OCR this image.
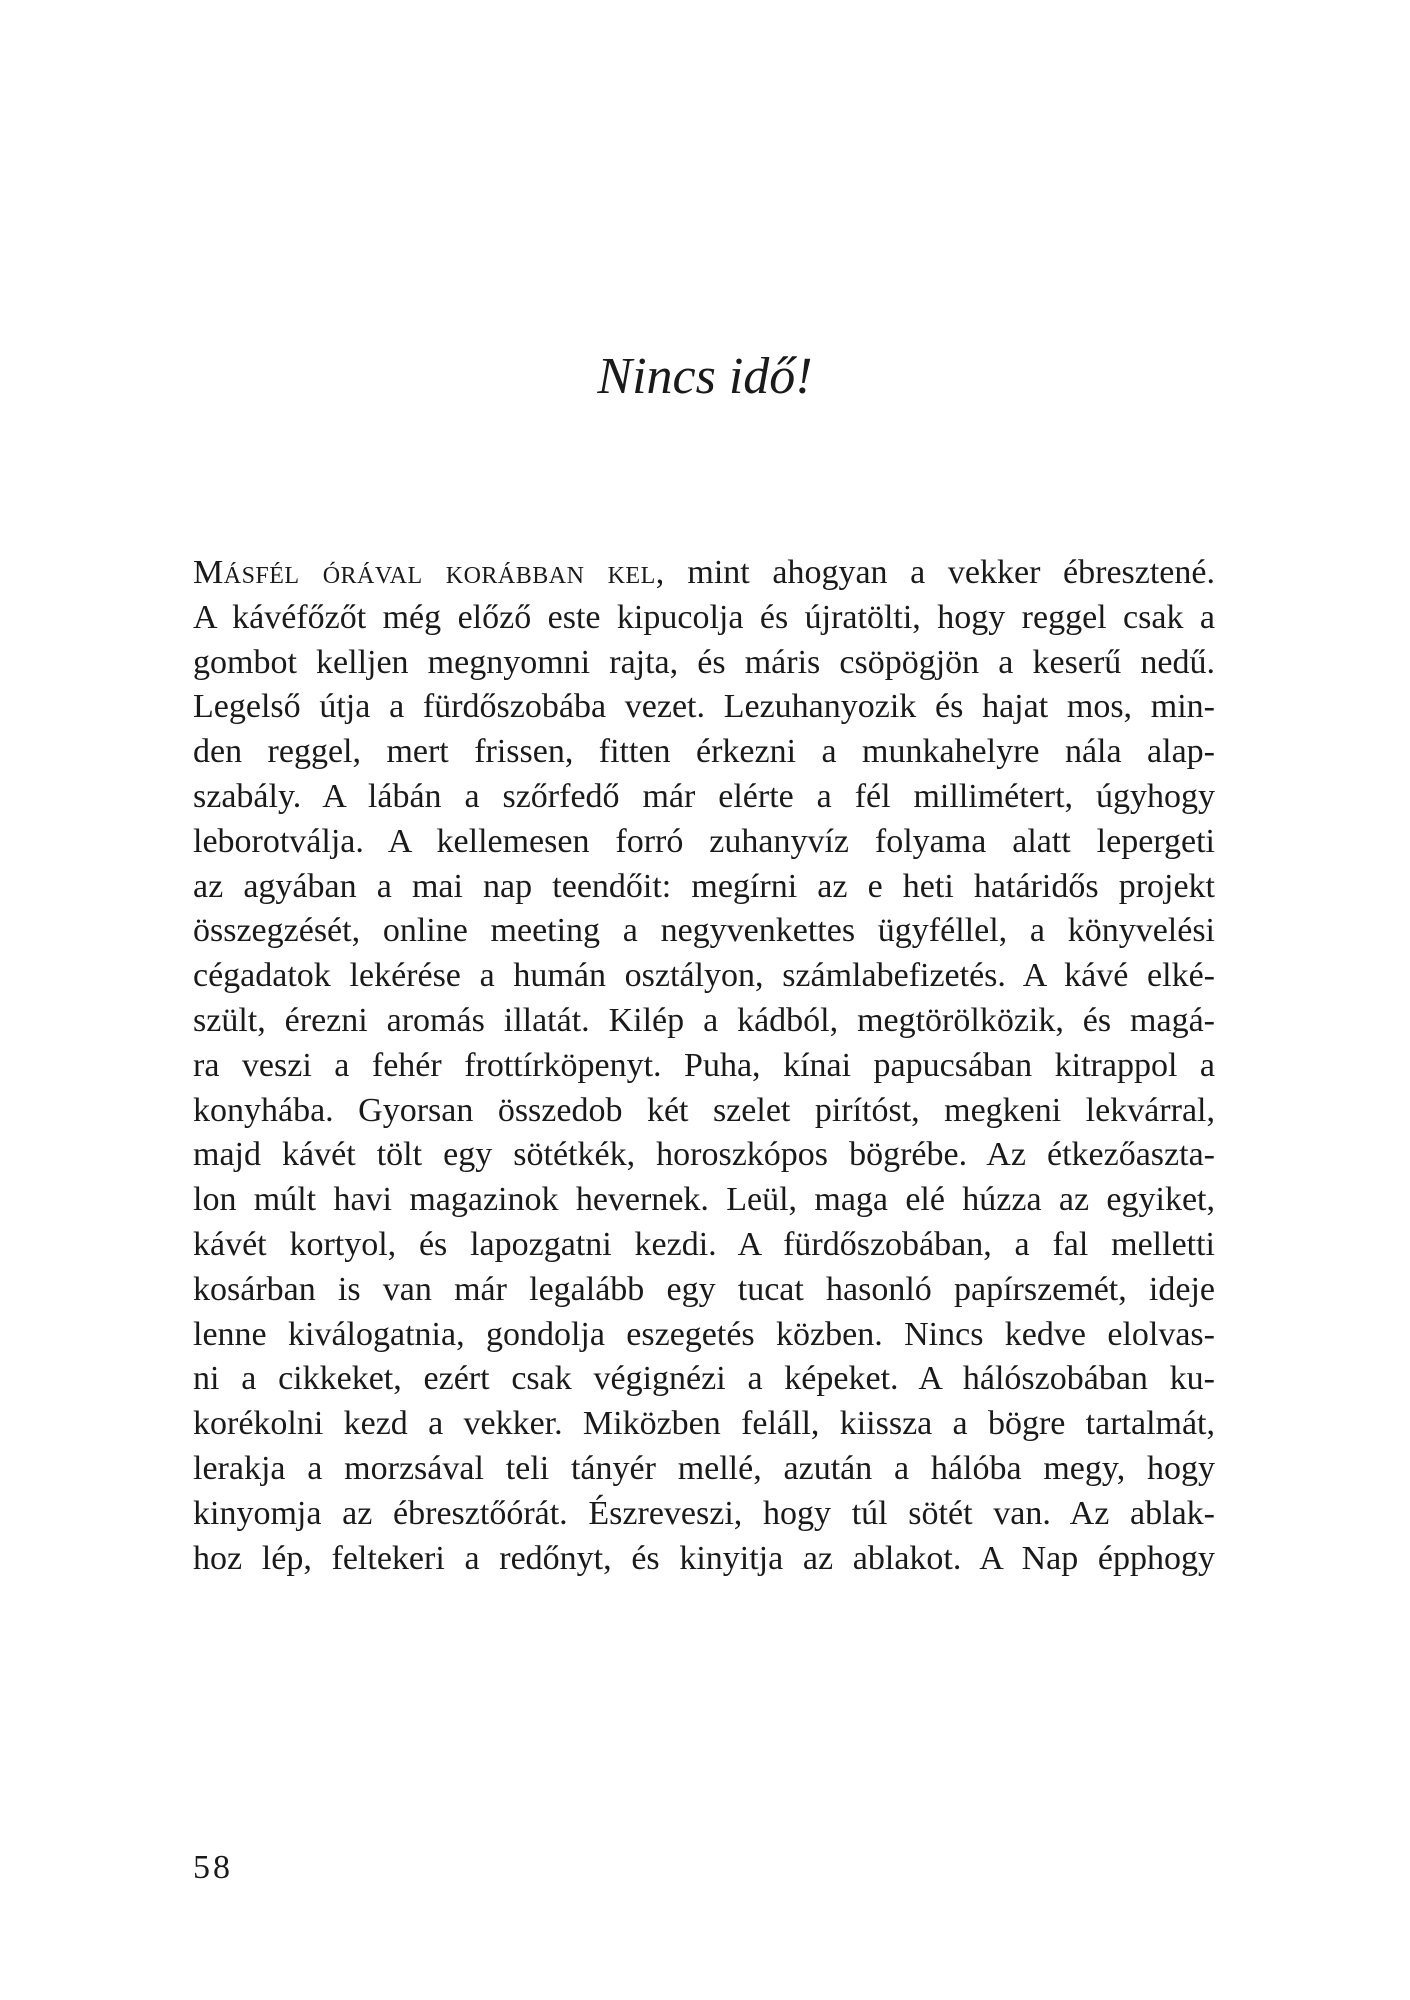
Nincs idő!
Másfél órával korábban kel, mint ahogyan a vekker ébresztené.
A kávéfőzőt még előző este kipucolja és újratölti, hogy reggel csak a
gombot kelljen megnyomni rajta, és máris csöpögjön a keserű nedű.
Legelső útja a fürdőszobába vezet. Lezuhanyozik és hajat mos, min-
den reggel, mert frissen, fitten érkezni a munkahelyre nála alap-
szabály. A lábán a szőrfedő már elérte a fél millimétert, úgyhogy
leborotválja. A kellemesen forró zuhanyvíz folyama alatt lepergeti
az agyában a mai nap teendőit: megírni az e heti határidős projekt
összegzését, online meeting a negyvenkettes ügyféllel, a könyvelési
cégadatok lekérése a humán osztályon, számlabefizetés. A kávé elké-
szült, érezni aromás illatát. Kilép a kádból, megtörölközik, és magá-
ra veszi a fehér frottírköpenyt. Puha, kínai papucsában kitrappol a
konyhába. Gyorsan összedob két szelet pirítóst, megkeni lekvárral,
majd kávét tölt egy sötétkék, horoszkópos bögrébe. Az étkezőaszta-
lon múlt havi magazinok hevernek. Leül, maga elé húzza az egyiket,
kávét kortyol, és lapozgatni kezdi. A fürdőszobában, a fal melletti
kosárban is van már legalább egy tucat hasonló papírszemét, ideje
lenne kiválogatnia, gondolja eszegetés közben. Nincs kedve elolvas-
ni a cikkeket, ezért csak végignézi a képeket. A hálószobában ku-
korékolni kezd a vekker. Miközben feláll, kiissza a bögre tartalmát,
lerakja a morzsával teli tányér mellé, azután a hálóba megy, hogy
kinyomja az ébresztőórát. Észreveszi, hogy túl sötét van. Az ablak-
hoz lép, feltekeri a redőnyt, és kinyitja az ablakot. A Nap épphogy
58
